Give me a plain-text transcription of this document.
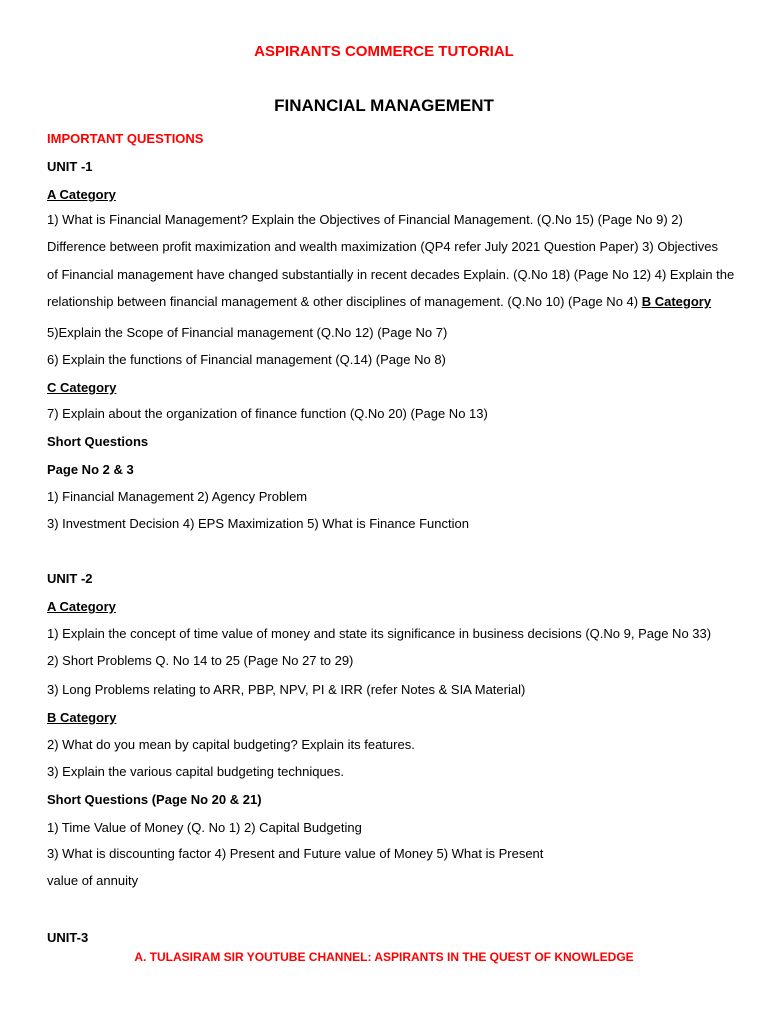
ASPIRANTS COMMERCE TUTORIAL
FINANCIAL MANAGEMENT
IMPORTANT QUESTIONS
UNIT -1
A Category
1) What is Financial Management? Explain the Objectives of Financial Management. (Q.No 15) (Page No 9) 2)
Difference between profit maximization and wealth maximization (QP4 refer July 2021 Question Paper) 3) Objectives
of Financial management have changed substantially in recent decades Explain. (Q.No 18) (Page No 12) 4) Explain the
relationship between financial management & other disciplines of management. (Q.No 10) (Page No 4) B Category
5)Explain the Scope of Financial management (Q.No 12) (Page No 7)
6) Explain the functions of Financial management (Q.14) (Page No 8)
C Category
7) Explain about the organization of finance function (Q.No 20) (Page No 13)
Short Questions
Page No 2 & 3
1) Financial Management 2) Agency Problem
3) Investment Decision 4) EPS Maximization 5) What is Finance Function
UNIT -2
A Category
1) Explain the concept of time value of money and state its significance in business decisions (Q.No 9, Page No 33)
2) Short Problems Q. No 14 to 25 (Page No 27 to 29)
3) Long Problems relating to ARR, PBP, NPV, PI & IRR (refer Notes & SIA Material)
B Category
2) What do you mean by capital budgeting? Explain its features.
3) Explain the various capital budgeting techniques.
Short Questions (Page No 20 & 21)
1) Time Value of Money (Q. No 1) 2) Capital Budgeting
3) What is discounting factor 4) Present and Future value of Money 5) What is Present
value of annuity
UNIT-3
A. TULASIRAM SIR YOUTUBE CHANNEL: ASPIRANTS IN THE QUEST OF KNOWLEDGE
